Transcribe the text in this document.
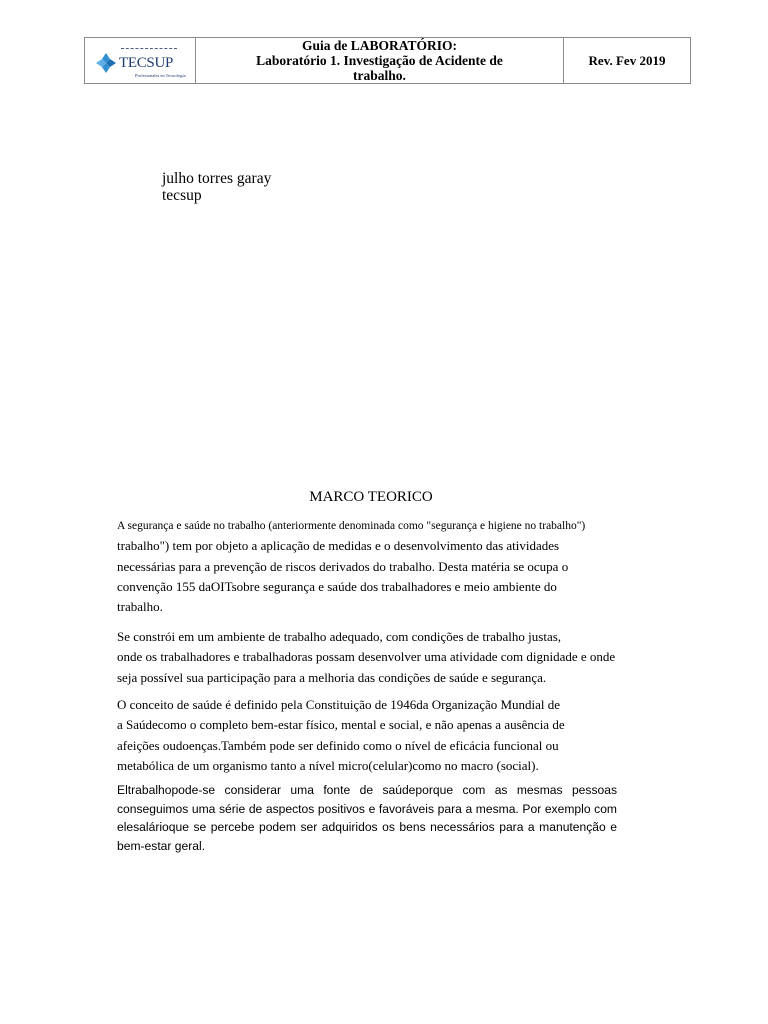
TECSUP
Profesionales en Tecnología

Guia de LABORATÓRIO:
Laboratório 1. Investigação de Acidente de
trabalho.
	Rev. Fev 2019
julho torres garay
tecsup
MARCO TEORICO

A segurança e saúde no trabalho (anteriormente denominada como "segurança e higiene no trabalho")
trabalho") tem por objeto a aplicação de medidas e o desenvolvimento das atividades
necessárias para a prevenção de riscos derivados do trabalho. Desta matéria se ocupa o
convenção 155 daOITsobre segurança e saúde dos trabalhadores e meio ambiente do
trabalho.

Se constrói em um ambiente de trabalho adequado, com condições de trabalho justas,
onde os trabalhadores e trabalhadoras possam desenvolver uma atividade com dignidade e onde
seja possível sua participação para a melhoria das condições de saúde e segurança.

O conceito de saúde é definido pela Constituição de 1946da Organização Mundial de
a Saúdecomo o completo bem-estar físico, mental e social, e não apenas a ausência de
afeições oudoenças.Também pode ser definido como o nível de eficácia funcional ou
metabólica de um organismo tanto a nível micro(celular)como no macro (social).

Eltrabalhopode-se considerar uma fonte de saúdeporque com as mesmas pessoas
conseguimos uma série de aspectos positivos e favoráveis para a mesma. Por exemplo com
elesalárioque se percebe podem ser adquiridos os bens necessários para a manutenção e
bem-estar geral.
